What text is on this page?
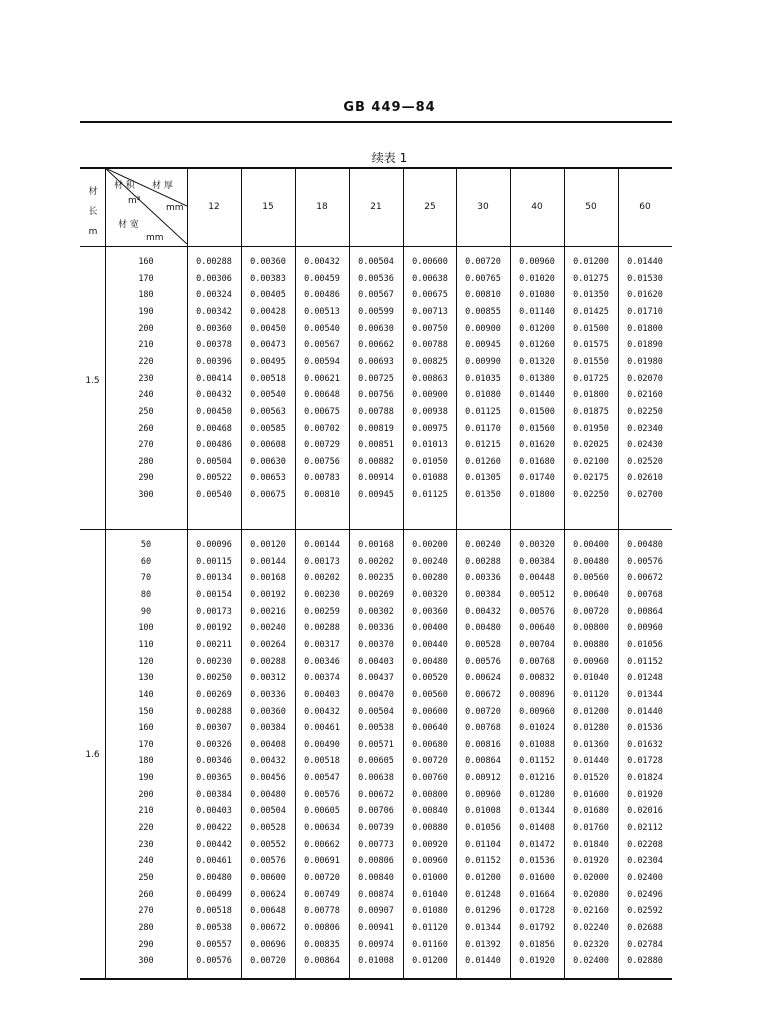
GB 449—84
续表 1
材
长
m
材 厚
mm
材 积
m³
材 宽
mm
12	15	18	21	25	30	40	50	60
1.5
160	0.00288	0.00360	0.00432	0.00504	0.00600	0.00720	0.00960	0.01200	0.01440
170	0.00306	0.00383	0.00459	0.00536	0.00638	0.00765	0.01020	0.01275	0.01530
180	0.00324	0.00405	0.00486	0.00567	0.00675	0.00810	0.01080	0.01350	0.01620
190	0.00342	0.00428	0.00513	0.00599	0.00713	0.00855	0.01140	0.01425	0.01710
200	0.00360	0.00450	0.00540	0.00630	0.00750	0.00900	0.01200	0.01500	0.01800
210	0.00378	0.00473	0.00567	0.00662	0.00788	0.00945	0.01260	0.01575	0.01890
220	0.00396	0.00495	0.00594	0.00693	0.00825	0.00990	0.01320	0.01550	0.01980
230	0.00414	0.00518	0.00621	0.00725	0.00863	0.01035	0.01380	0.01725	0.02070
240	0.00432	0.00540	0.00648	0.00756	0.00900	0.01080	0.01440	0.01800	0.02160
250	0.00450	0.00563	0.00675	0.00788	0.00938	0.01125	0.01500	0.01875	0.02250
260	0.00468	0.00585	0.00702	0.00819	0.00975	0.01170	0.01560	0.01950	0.02340
270	0.00486	0.00608	0.00729	0.00851	0.01013	0.01215	0.01620	0.02025	0.02430
280	0.00504	0.00630	0.00756	0.00882	0.01050	0.01260	0.01680	0.02100	0.02520
290	0.00522	0.00653	0.00783	0.00914	0.01088	0.01305	0.01740	0.02175	0.02610
300	0.00540	0.00675	0.00810	0.00945	0.01125	0.01350	0.01800	0.02250	0.02700
1.6
50	0.00096	0.00120	0.00144	0.00168	0.00200	0.00240	0.00320	0.00400	0.00480
60	0.00115	0.00144	0.00173	0.00202	0.00240	0.00288	0.00384	0.00480	0.00576
70	0.00134	0.00168	0.00202	0.00235	0.00280	0.00336	0.00448	0.00560	0.00672
80	0.00154	0.00192	0.00230	0.00269	0.00320	0.00384	0.00512	0.00640	0.00768
90	0.00173	0.00216	0.00259	0.00302	0.00360	0.00432	0.00576	0.00720	0.00864
100	0.00192	0.00240	0.00288	0.00336	0.00400	0.00480	0.00640	0.00800	0.00960
110	0.00211	0.00264	0.00317	0.00370	0.00440	0.00528	0.00704	0.00880	0.01056
120	0.00230	0.00288	0.00346	0.00403	0.00480	0.00576	0.00768	0.00960	0.01152
130	0.00250	0.00312	0.00374	0.00437	0.00520	0.00624	0.00832	0.01040	0.01248
140	0.00269	0.00336	0.00403	0.00470	0.00560	0.00672	0.00896	0.01120	0.01344
150	0.00288	0.00360	0.00432	0.00504	0.00600	0.00720	0.00960	0.01200	0.01440
160	0.00307	0.00384	0.00461	0.00538	0.00640	0.00768	0.01024	0.01280	0.01536
170	0.00326	0.00408	0.00490	0.00571	0.00680	0.00816	0.01088	0.01360	0.01632
180	0.00346	0.00432	0.00518	0.00605	0.00720	0.00864	0.01152	0.01440	0.01728
190	0.00365	0.00456	0.00547	0.00638	0.00760	0.00912	0.01216	0.01520	0.01824
200	0.00384	0.00480	0.00576	0.00672	0.00800	0.00960	0.01280	0.01600	0.01920
210	0.00403	0.00504	0.00605	0.00706	0.00840	0.01008	0.01344	0.01680	0.02016
220	0.00422	0.00528	0.00634	0.00739	0.00880	0.01056	0.01408	0.01760	0.02112
230	0.00442	0.00552	0.00662	0.00773	0.00920	0.01104	0.01472	0.01840	0.02208
240	0.00461	0.00576	0.00691	0.00806	0.00960	0.01152	0.01536	0.01920	0.02304
250	0.00480	0.00600	0.00720	0.00840	0.01000	0.01200	0.01600	0.02000	0.02400
260	0.00499	0.00624	0.00749	0.00874	0.01040	0.01248	0.01664	0.02080	0.02496
270	0.00518	0.00648	0.00778	0.00907	0.01080	0.01296	0.01728	0.02160	0.02592
280	0.00538	0.00672	0.00806	0.00941	0.01120	0.01344	0.01792	0.02240	0.02688
290	0.00557	0.00696	0.00835	0.00974	0.01160	0.01392	0.01856	0.02320	0.02784
300	0.00576	0.00720	0.00864	0.01008	0.01200	0.01440	0.01920	0.02400	0.02880
